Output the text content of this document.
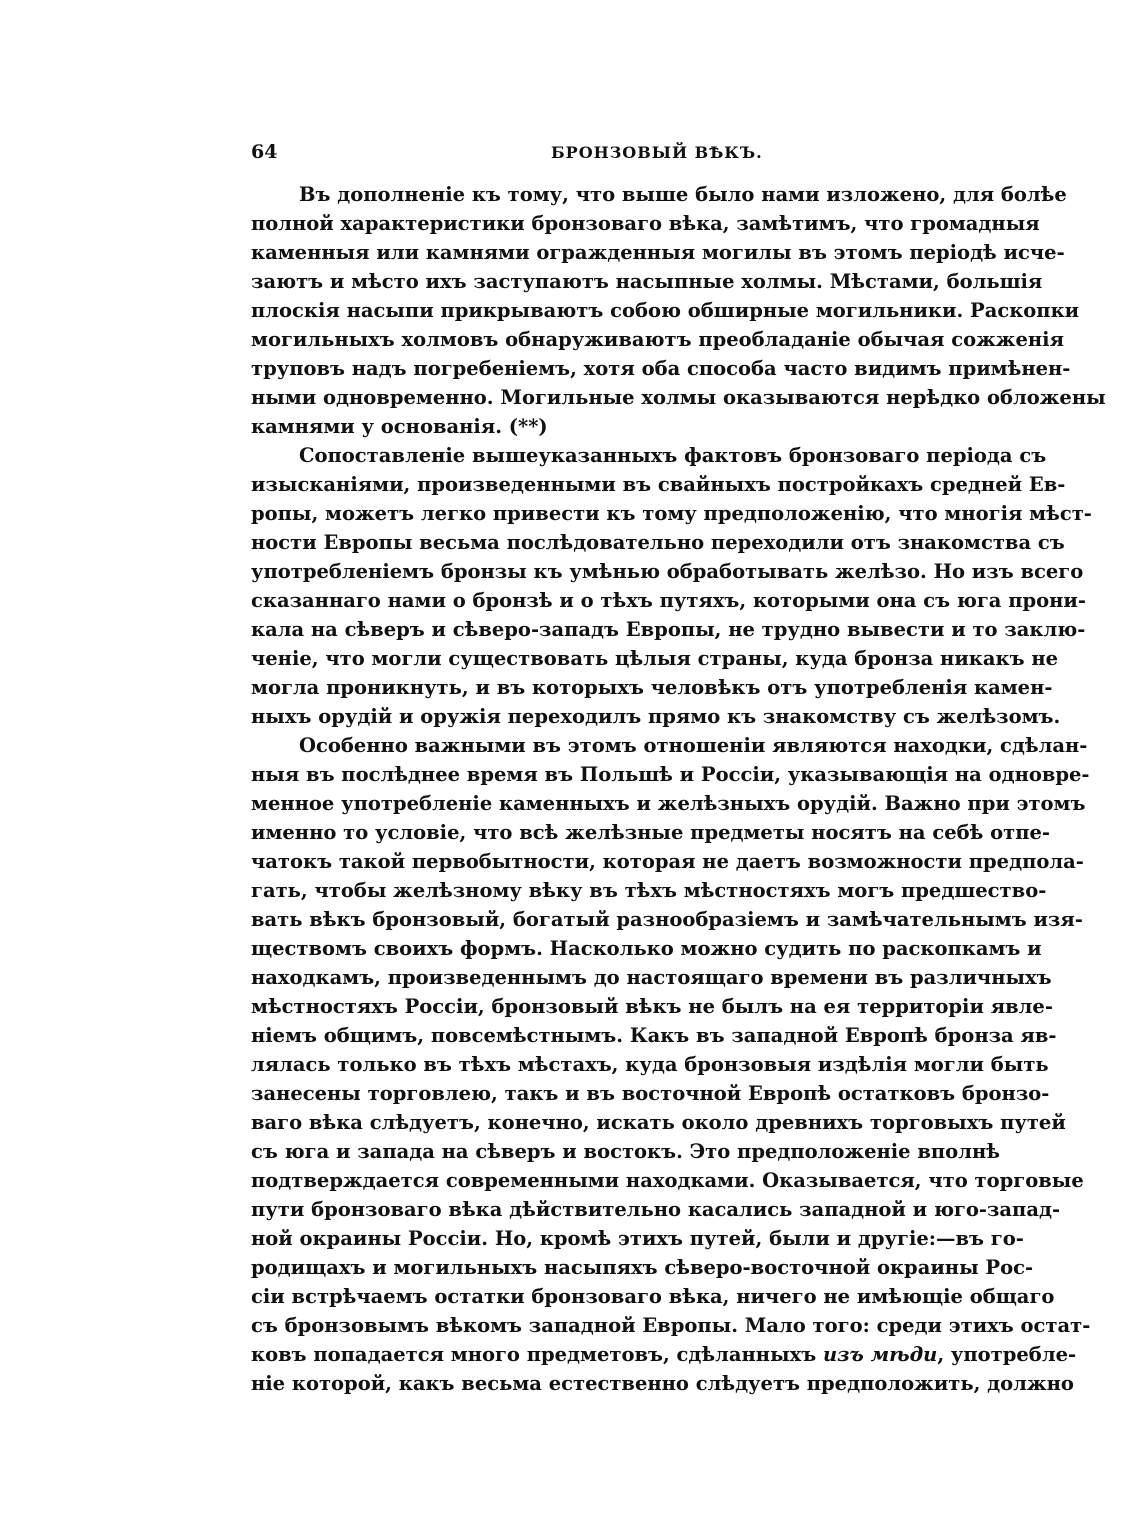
64	БРОНЗОВЫЙ ВѢКЪ.

Въ дополненіе къ тому, что выше было нами изложено, для болѣе
полной характеристики бронзоваго вѣка, замѣтимъ, что громадныя
каменныя или камнями огражденныя могилы въ этомъ періодѣ исче-
заютъ и мѣсто ихъ заступаютъ насыпные холмы. Мѣстами, большія
плоскія насыпи прикрываютъ собою обширные могильники. Раскопки
могильныхъ холмовъ обнаруживаютъ преобладаніе обычая сожженія
труповъ надъ погребеніемъ, хотя оба способа часто видимъ примѣнен-
ными одновременно. Могильные холмы оказываются нерѣдко обложены
камнями у основанія. (**)

Сопоставленіе вышеуказанныхъ фактовъ бронзоваго періода съ
изысканіями, произведенными въ свайныхъ постройкахъ средней Ев-
ропы, можетъ легко привести къ тому предположенію, что многія мѣст-
ности Европы весьма послѣдовательно переходили отъ знакомства съ
употребленіемъ бронзы къ умѣнью обработывать желѣзо. Но изъ всего
сказаннаго нами о бронзѣ и о тѣхъ путяхъ, которыми она съ юга прони-
кала на сѣверъ и сѣверо-западъ Европы, не трудно вывести и то заклю-
ченіе, что могли существовать цѣлыя страны, куда бронза никакъ не
могла проникнуть, и въ которыхъ человѣкъ отъ употребленія камен-
ныхъ орудій и оружія переходилъ прямо къ знакомству съ желѣзомъ.

Особенно важными въ этомъ отношеніи являются находки, сдѣлан-
ныя въ послѣднее время въ Польшѣ и Россіи, указывающія на одновре-
менное употребленіе каменныхъ и желѣзныхъ орудій. Важно при этомъ
именно то условіе, что всѣ желѣзные предметы носятъ на себѣ отпе-
чатокъ такой первобытности, которая не даетъ возможности предпола-
гать, чтобы желѣзному вѣку въ тѣхъ мѣстностяхъ могъ предшество-
вать вѣкъ бронзовый, богатый разнообразіемъ и замѣчательнымъ изя-
ществомъ своихъ формъ. Насколько можно судить по раскопкамъ и
находкамъ, произведеннымъ до настоящаго времени въ различныхъ
мѣстностяхъ Россіи, бронзовый вѣкъ не былъ на ея территоріи явле-
ніемъ общимъ, повсемѣстнымъ. Какъ въ западной Европѣ бронза яв-
лялась только въ тѣхъ мѣстахъ, куда бронзовыя издѣлія могли быть
занесены торговлею, такъ и въ восточной Европѣ остатковъ бронзо-
ваго вѣка слѣдуетъ, конечно, искать около древнихъ торговыхъ путей
съ юга и запада на сѣверъ и востокъ. Это предположеніе вполнѣ
подтверждается современными находками. Оказывается, что торговые
пути бронзоваго вѣка дѣйствительно касались западной и юго-запад-
ной окраины Россіи. Но, кромѣ этихъ путей, были и другіе:—въ го-
родищахъ и могильныхъ насыпяхъ сѣверо-восточной окраины Рос-
сіи встрѣчаемъ остатки бронзоваго вѣка, ничего не имѣющіе общаго
съ бронзовымъ вѣкомъ западной Европы. Мало того: среди этихъ остат-
ковъ попадается много предметовъ, сдѣланныхъ изъ мѣди, употребле-
ніе которой, какъ весьма естественно слѣдуетъ предположить, должно
